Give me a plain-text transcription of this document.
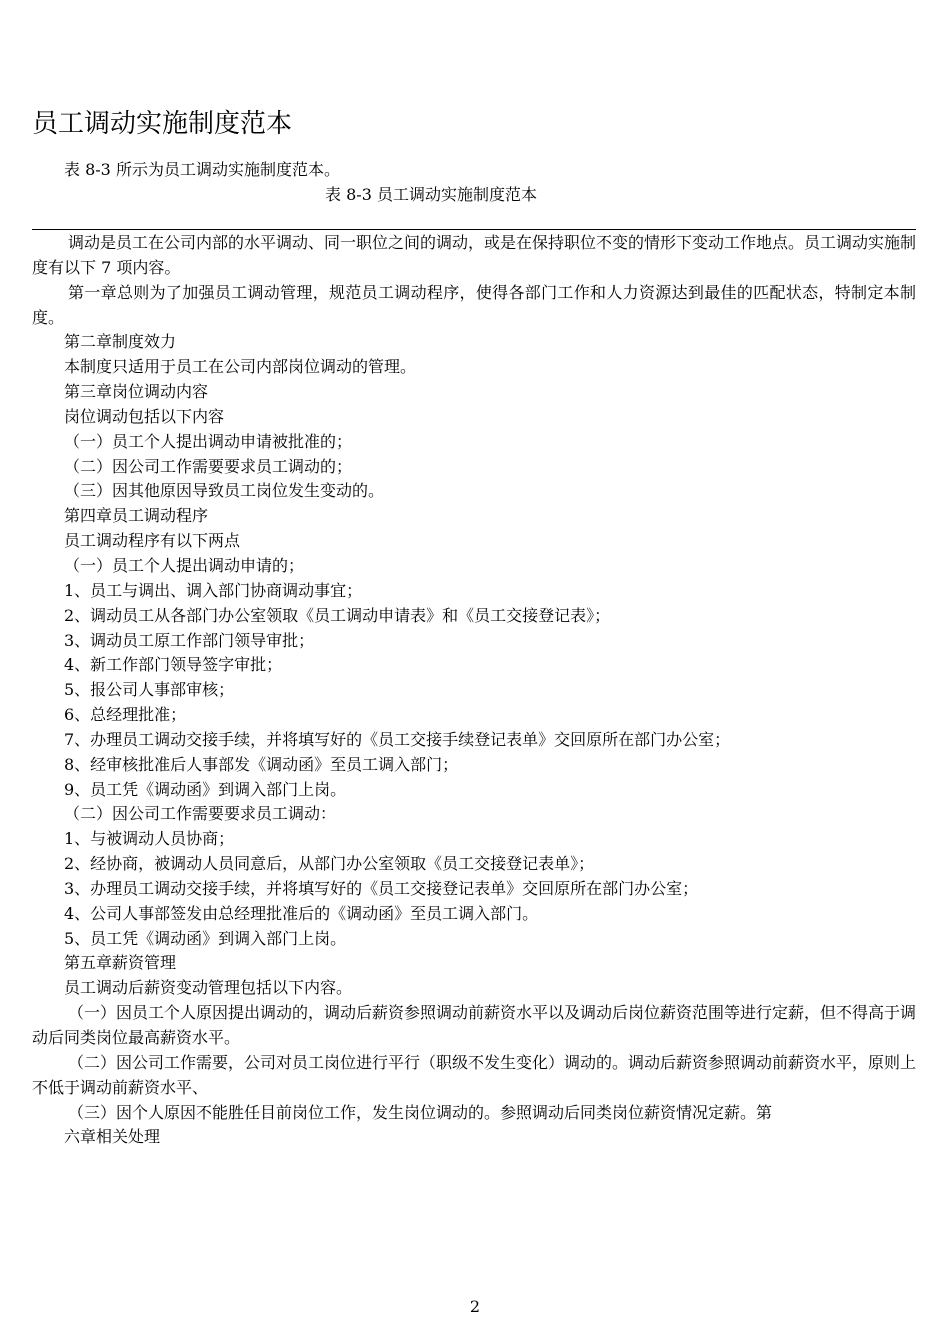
员工调动实施制度范本
表 8-3 所示为员工调动实施制度范本。
表 8-3 员工调动实施制度范本

调动是员工在公司内部的水平调动、同一职位之间的调动，或是在保持职位不变的情形下变动工作地点。员工调动实施制度有以下 7 项内容。

第一章总则为了加强员工调动管理，规范员工调动程序，使得各部门工作和人力资源达到最佳的匹配状态，特制定本制度。

第二章制度效力

本制度只适用于员工在公司内部岗位调动的管理。

第三章岗位调动内容

岗位调动包括以下内容

（一）员工个人提出调动申请被批准的；

（二）因公司工作需要要求员工调动的；

（三）因其他原因导致员工岗位发生变动的。

第四章员工调动程序

员工调动程序有以下两点

（一）员工个人提出调动申请的；

1、员工与调出、调入部门协商调动事宜；

2、调动员工从各部门办公室领取《员工调动申请表》和《员工交接登记表》；

3、调动员工原工作部门领导审批；

4、新工作部门领导签字审批；

5、报公司人事部审核；

6、总经理批准；

7、办理员工调动交接手续，并将填写好的《员工交接手续登记表单》交回原所在部门办公室；

8、经审核批准后人事部发《调动函》至员工调入部门；

9、员工凭《调动函》到调入部门上岗。

（二）因公司工作需要要求员工调动：

1、与被调动人员协商；

2、经协商，被调动人员同意后，从部门办公室领取《员工交接登记表单》；

3、办理员工调动交接手续，并将填写好的《员工交接登记表单》交回原所在部门办公室；

4、公司人事部签发由总经理批准后的《调动函》至员工调入部门。

5、员工凭《调动函》到调入部门上岗。

第五章薪资管理

员工调动后薪资变动管理包括以下内容。

（一）因员工个人原因提出调动的，调动后薪资参照调动前薪资水平以及调动后岗位薪资范围等进行定薪，但不得高于调动后同类岗位最高薪资水平。

（二）因公司工作需要，公司对员工岗位进行平行（职级不发生变化）调动的。调动后薪资参照调动前薪资水平，原则上不低于调动前薪资水平、

（三）因个人原因不能胜任目前岗位工作，发生岗位调动的。参照调动后同类岗位薪资情况定薪。第

六章相关处理

2
